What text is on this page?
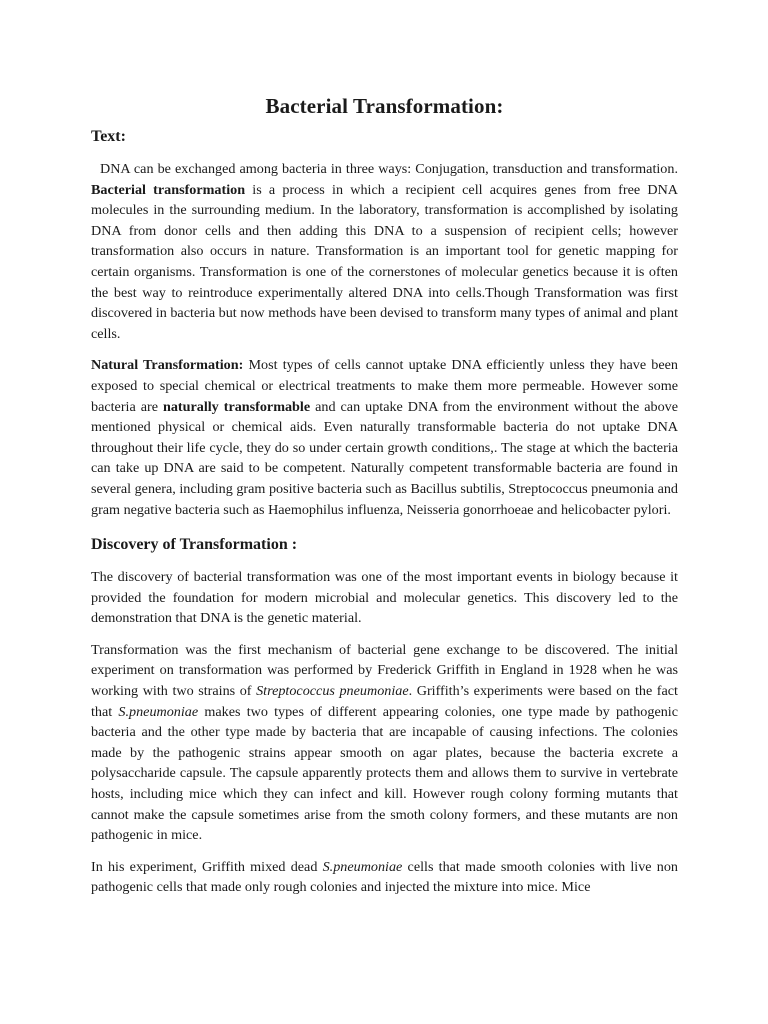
Bacterial Transformation:
Text:

DNA can be exchanged among bacteria in three ways: Conjugation, transduction and transformation. Bacterial transformation is a process in which a recipient cell acquires genes from free DNA molecules in the surrounding medium. In the laboratory, transformation is accomplished by isolating DNA from donor cells and then adding this DNA to a suspension of recipient cells; however transformation also occurs in nature. Transformation is an important tool for genetic mapping for certain organisms. Transformation is one of the cornerstones of molecular genetics because it is often the best way to reintroduce experimentally altered DNA into cells.Though Transformation was first discovered in bacteria but now methods have been devised to transform many types of animal and plant cells.

Natural Transformation: Most types of cells cannot uptake DNA efficiently unless they have been exposed to special chemical or electrical treatments to make them more permeable. However some bacteria are naturally transformable and can uptake DNA from the environment without the above mentioned physical or chemical aids. Even naturally transformable bacteria do not uptake DNA throughout their life cycle, they do so under certain growth conditions,. The stage at which the bacteria can take up DNA are said to be competent. Naturally competent transformable bacteria are found in several genera, including gram positive bacteria such as Bacillus subtilis, Streptococcus pneumonia and gram negative bacteria such as Haemophilus influenza, Neisseria gonorrhoeae and helicobacter pylori.

Discovery of Transformation :

The discovery of bacterial transformation was one of the most important events in biology because it provided the foundation for modern microbial and molecular genetics. This discovery led to the demonstration that DNA is the genetic material.

Transformation was the first mechanism of bacterial gene exchange to be discovered. The initial experiment on transformation was performed by Frederick Griffith in England in 1928 when he was working with two strains of Streptococcus pneumoniae. Griffith’s experiments were based on the fact that S.pneumoniae makes two types of different appearing colonies, one type made by pathogenic bacteria and the other type made by bacteria that are incapable of causing infections. The colonies made by the pathogenic strains appear smooth on agar plates, because the bacteria excrete a polysaccharide capsule. The capsule apparently protects them and allows them to survive in vertebrate hosts, including mice which they can infect and kill. However rough colony forming mutants that cannot make the capsule sometimes arise from the smoth colony formers, and these mutants are non pathogenic in mice.

In his experiment, Griffith mixed dead S.pneumoniae cells that made smooth colonies with live non pathogenic cells that made only rough colonies and injected the mixture into mice. Mice
